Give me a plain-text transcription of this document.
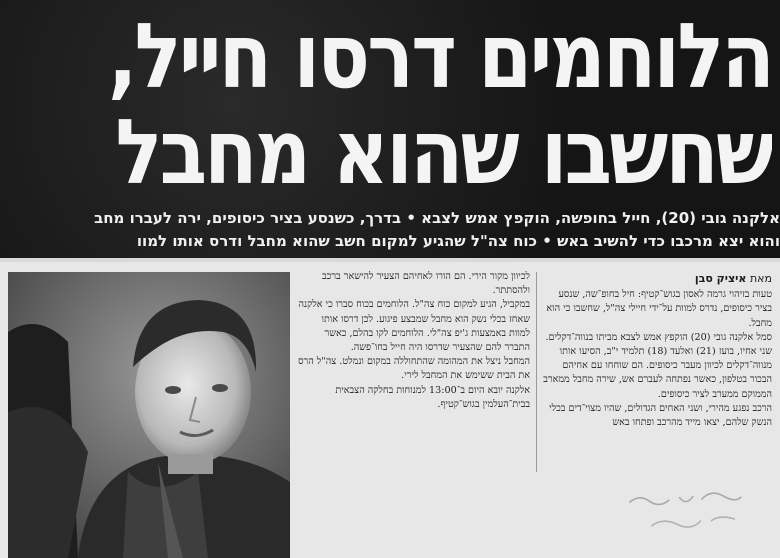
הלוחמים דרסו חייל,
שחשבו שהוא מחבל
אלקנה גובי (20), חייל בחופשה, הוקפץ אמש לצבא • בדרך, כשנסע בציר כיסופים, ירה לעברו מחב
והוא יצא מרכבו כדי להשיב באש • כוח צה"ל שהגיע למקום חשב שהוא מחבל ודרס אותו למוו

לכיוון מקור הירי. הם הורו לאחיהם הצעיר להישאר ברכב ולהסתתר.

במקביל, הגיע למקום כוח צה"ל. הלוחמים בכוח סברו כי אלקנה שאחז בכלי נשק הוא מחבל שמבצע פיגוע. לכן דרסו אותו למוות באמצעות ג'יפ צה"לי. הלוחמים לקו בהלם, כאשר התברר להם שהצעיר שדרסו היה חייל בחו־פשה.

המחבל ניצל את המהומה שהתחוללה במקום ונמלט. צה"ל הרס את הבית ששימש את המחבל לירי.

אלקנה יובא היום ב־13:00 למנוחות בחלקה הצבאית בבית־העלמין בגוש־קטיף.

מאת איציק סבן

טעות בזיהוי גרמה לאסון בגוש־קטיף: חיל בחופ־שה, שנסע בציר כיסופים, נדרס למוות על־ידי חיילי צה"ל, שחשבו כי הוא מחבל.

סמל אלקנה גובי (20) הוקפץ אמש לצבא מביתו בנווה־דקלים. שני אחיו, בועז (21) ואלעד (18) תלמיד י"ב, הסיעו אותו מנווה־דקלים לכיוון מעבר כיסופים. הם שוחחו עם אחיהם הבכור בטלפון, כאשר נפתחה לעברם אש, שירה מחבל ממארב הממוקם ממערב לציר כיסופים.

הרכב נפגע מהירי, ושני האחים הגדולים, שהיו מצוי־דים בכלי הנשק שלהם, יצאו מייד מהרכב ופתחו באש
